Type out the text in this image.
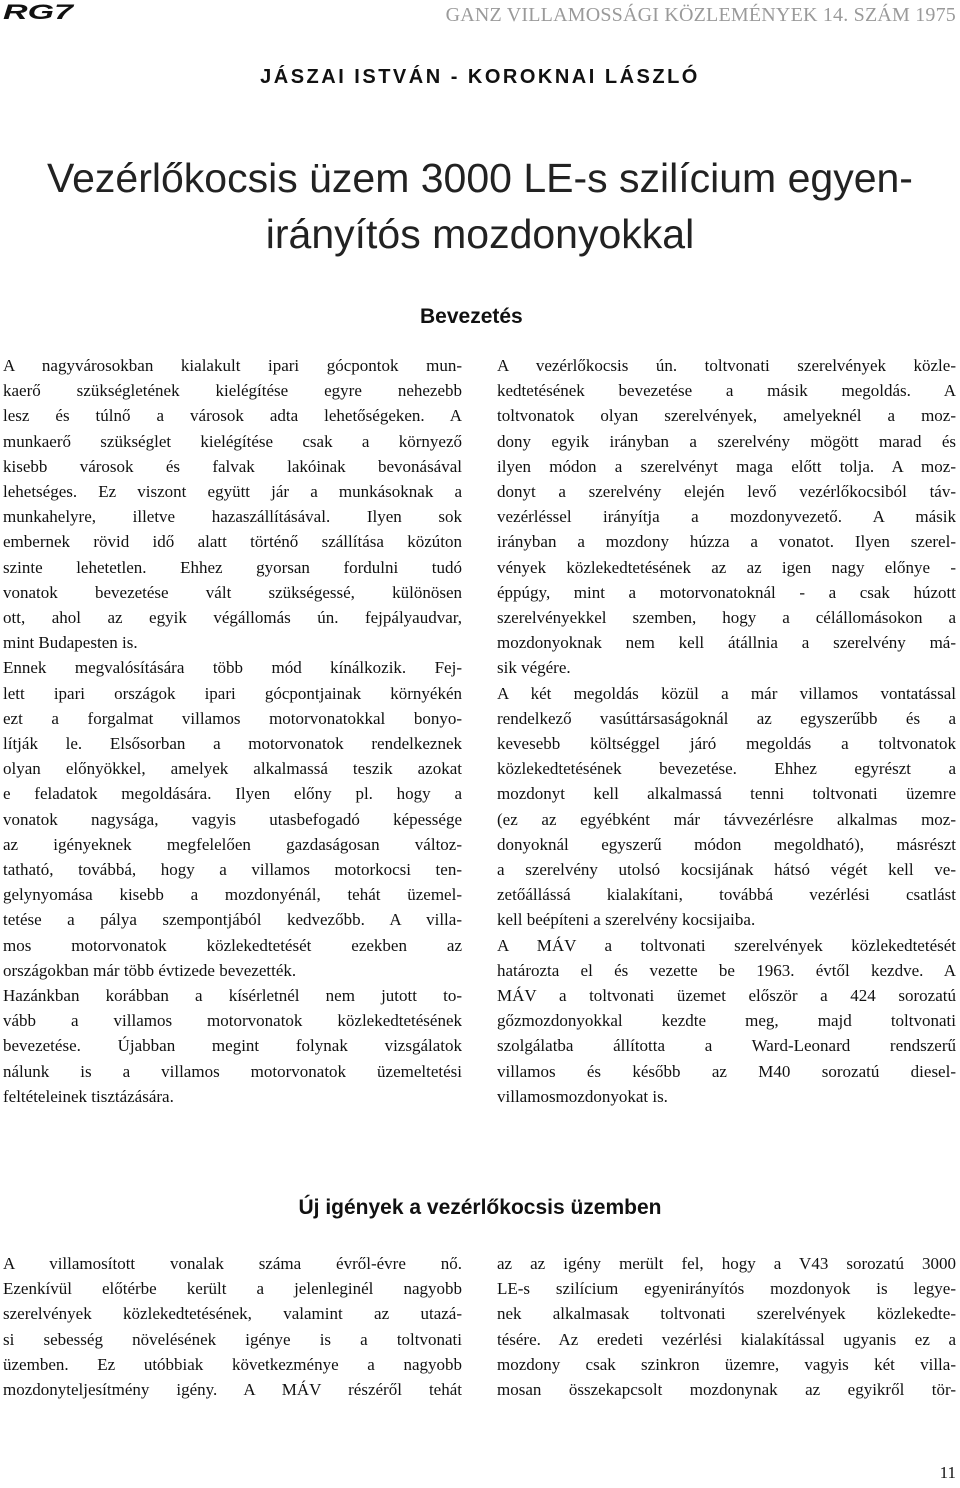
RG7	GANZ VILLAMOSSÁGI KÖZLEMÉNYEK 14. SZÁM 1975
JÁSZAI ISTVÁN - KOROKNAI LÁSZLÓ
Vezérlőkocsis üzem 3000 LE-s szilícium egyen-
irányítós mozdonyokkal
Bevezetés

A nagyvárosokban kialakult ipari gócpontok mun-
kaerő szükségletének kielégítése egyre nehezebb
lesz és túlnő a városok adta lehetőségeken. A
munkaerő szükséglet kielégítése csak a környező
kisebb városok és falvak lakóinak bevonásával
lehetséges. Ez viszont együtt jár a munkásoknak a
munkahelyre, illetve hazaszállításával. Ilyen sok
embernek rövid idő alatt történő szállítása közúton
szinte lehetetlen. Ehhez gyorsan fordulni tudó
vonatok bevezetése vált szükségessé, különösen
ott, ahol az egyik végállomás ún. fejpályaudvar,
mint Budapesten is.

Ennek megvalósítására több mód kínálkozik. Fej-
lett ipari országok ipari gócpontjainak környékén
ezt a forgalmat villamos motorvonatokkal bonyo-
lítják le. Elsősorban a motorvonatok rendelkeznek
olyan előnyökkel, amelyek alkalmassá teszik azokat
e feladatok megoldására. Ilyen előny pl. hogy a
vonatok nagysága, vagyis utasbefogadó képessége
az igényeknek megfelelően gazdaságosan változ-
tatható, továbbá, hogy a villamos motorkocsi ten-
gelynyomása kisebb a mozdonyénál, tehát üzemel-
tetése a pálya szempontjából kedvezőbb. A villa-
mos motorvonatok közlekedtetését ezekben az
országokban már több évtizede bevezették.

Hazánkban korábban a kísérletnél nem jutott to-
vább a villamos motorvonatok közlekedtetésének
bevezetése. Újabban megint folynak vizsgálatok
nálunk is a villamos motorvonatok üzemeltetési
feltételeinek tisztázására.

A vezérlőkocsis ún. toltvonati szerelvények közle-
kedtetésének bevezetése a másik megoldás. A
toltvonatok olyan szerelvények, amelyeknél a moz-
dony egyik irányban a szerelvény mögött marad és
ilyen módon a szerelvényt maga előtt tolja. A moz-
donyt a szerelvény elején levő vezérlőkocsiból táv-
vezérléssel irányítja a mozdonyvezető. A másik
irányban a mozdony húzza a vonatot. Ilyen szerel-
vények közlekedtetésének az az igen nagy előnye -
éppúgy, mint a motorvonatoknál - a csak húzott
szerelvényekkel szemben, hogy a célállomásokon a
mozdonyoknak nem kell átállnia a szerelvény má-
sik végére.

A két megoldás közül a már villamos vontatással
rendelkező vasúttársaságoknál az egyszerűbb és a
kevesebb költséggel járó megoldás a toltvonatok
közlekedtetésének bevezetése. Ehhez egyrészt a
mozdonyt kell alkalmassá tenni toltvonati üzemre
(ez az egyébként már távvezérlésre alkalmas moz-
donyoknál egyszerű módon megoldható), másrészt
a szerelvény utolsó kocsijának hátsó végét kell ve-
zetőállássá kialakítani, továbbá vezérlési csatlást
kell beépíteni a szerelvény kocsijaiba.

A MÁV a toltvonati szerelvények közlekedtetését
határozta el és vezette be 1963. évtől kezdve. A
MÁV a toltvonati üzemet először a 424 sorozatú
gőzmozdonyokkal kezdte meg, majd toltvonati
szolgálatba állította a Ward-Leonard rendszerű
villamos és később az M40 sorozatú diesel-
villamosmozdonyokat is.

Új igények a vezérlőkocsis üzemben

A villamosított vonalak száma évről-évre nő.
Ezenkívül előtérbe került a jelenleginél nagyobb
szerelvények közlekedtetésének, valamint az utazá-
si sebesség növelésének igénye is a toltvonati
üzemben. Ez utóbbiak következménye a nagyobb
mozdonyteljesítmény igény. A MÁV részéről tehát

az az igény merült fel, hogy a V43 sorozatú 3000
LE-s szilícium egyenirányítós mozdonyok is legye-
nek alkalmasak toltvonati szerelvények közlekedte-
tésére. Az eredeti vezérlési kialakítással ugyanis ez a
mozdony csak szinkron üzemre, vagyis két villa-
mosan összekapcsolt mozdonynak az egyikről tör-

11
